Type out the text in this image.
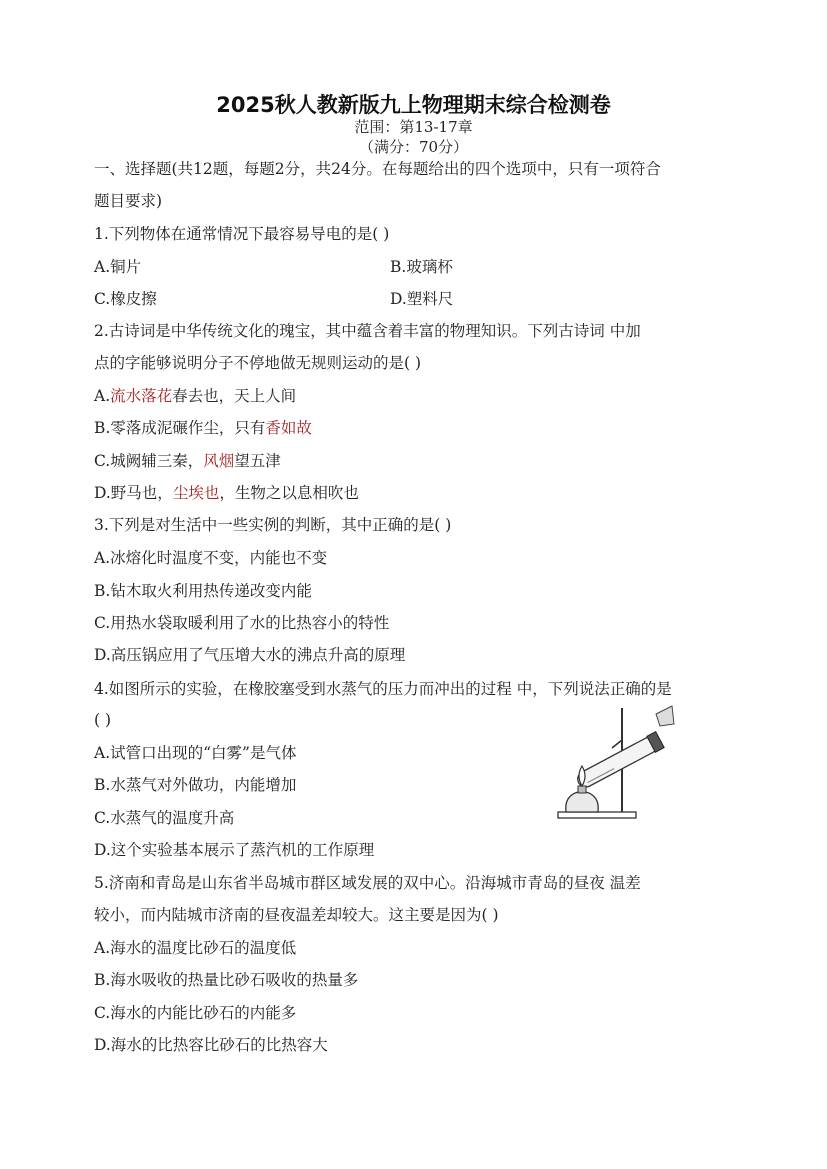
2025秋人教新版九上物理期末综合检测卷
范围：第13-17章
（满分：70分）
一、选择题(共12题，每题2分，共24分。在每题给出的四个选项中，只有一项符合
题目要求)
1.下列物体在通常情况下最容易导电的是( )
A.铜片	B.玻璃杯
C.橡皮擦	D.塑料尺
2.古诗词是中华传统文化的瑰宝，其中蕴含着丰富的物理知识。下列古诗词 中加
点的字能够说明分子不停地做无规则运动的是( )
A.流水落花春去也，天上人间
B.零落成泥碾作尘，只有香如故
C.城阙辅三秦，风烟望五津
D.野马也，尘埃也，生物之以息相吹也
3.下列是对生活中一些实例的判断，其中正确的是( )
A.冰熔化时温度不变，内能也不变
B.钻木取火利用热传递改变内能
C.用热水袋取暖利用了水的比热容小的特性
D.高压锅应用了气压增大水的沸点升高的原理
4.如图所示的实验，在橡胶塞受到水蒸气的压力而冲出的过程 中，下列说法正确的是
( )
A.试管口出现的“白雾”是气体
B.水蒸气对外做功，内能增加
C.水蒸气的温度升高
D.这个实验基本展示了蒸汽机的工作原理
5.济南和青岛是山东省半岛城市群区域发展的双中心。沿海城市青岛的昼夜 温差
较小，而内陆城市济南的昼夜温差却较大。这主要是因为( )
A.海水的温度比砂石的温度低
B.海水吸收的热量比砂石吸收的热量多
C.海水的内能比砂石的内能多
D.海水的比热容比砂石的比热容大
